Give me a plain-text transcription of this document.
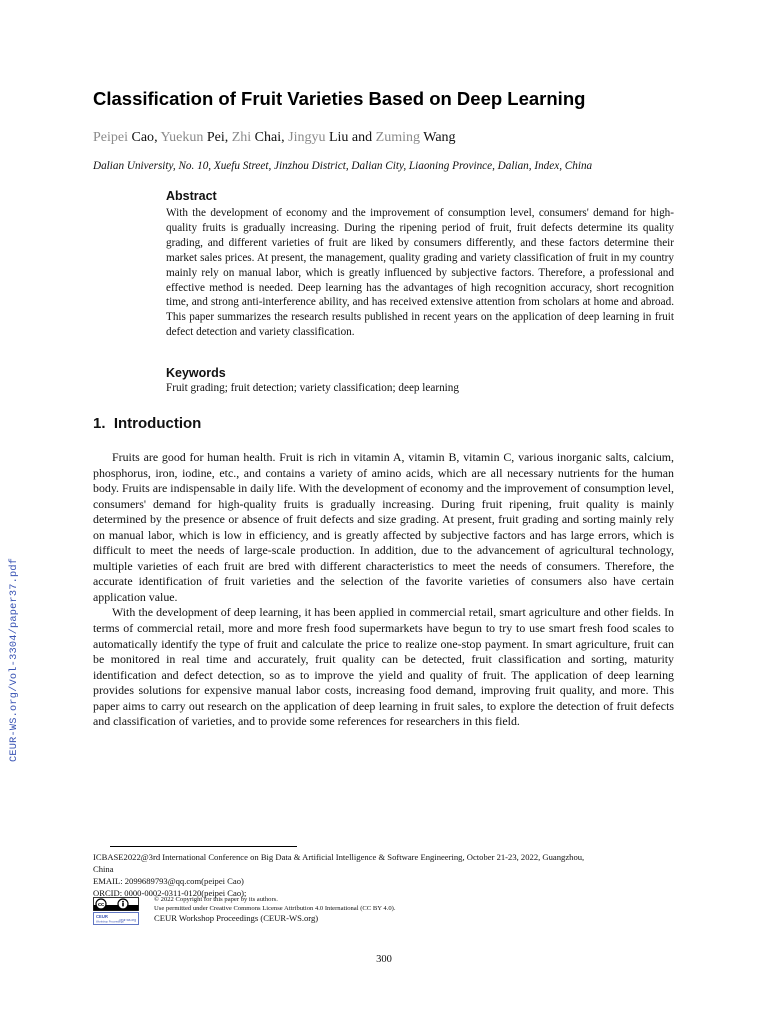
Classification of Fruit Varieties Based on Deep Learning
Peipei Cao, Yuekun Pei, Zhi Chai, Jingyu Liu and Zuming Wang
Dalian University, No. 10, Xuefu Street, Jinzhou District, Dalian City, Liaoning Province, Dalian, Index, China
Abstract
With the development of economy and the improvement of consumption level, consumers' demand for high-quality fruits is gradually increasing. During the ripening period of fruit, fruit defects determine its quality grading, and different varieties of fruit are liked by consumers differently, and these factors determine their market sales prices. At present, the management, quality grading and variety classification of fruit in my country mainly rely on manual labor, which is greatly influenced by subjective factors. Therefore, a professional and effective method is needed. Deep learning has the advantages of high recognition accuracy, short recognition time, and strong anti-interference ability, and has received extensive attention from scholars at home and abroad. This paper summarizes the research results published in recent years on the application of deep learning in fruit defect detection and variety classification.
Keywords
Fruit grading; fruit detection; variety classification; deep learning
1.  Introduction

Fruits are good for human health. Fruit is rich in vitamin A, vitamin B, vitamin C, various inorganic salts, calcium, phosphorus, iron, iodine, etc., and contains a variety of amino acids, which are all necessary nutrients for the human body. Fruits are indispensable in daily life. With the development of economy and the improvement of consumption level, consumers' demand for high-quality fruits is gradually increasing. During fruit ripening, fruit quality is mainly determined by the presence or absence of fruit defects and size grading. At present, fruit grading and sorting mainly rely on manual labor, which is low in efficiency, and is greatly affected by subjective factors and has large errors, which is difficult to meet the needs of large-scale production. In addition, due to the advancement of agricultural technology, multiple varieties of each fruit are bred with different characteristics to meet the needs of consumers. Therefore, the accurate identification of fruit varieties and the selection of the favorite varieties of consumers also have certain application value.

With the development of deep learning, it has been applied in commercial retail, smart agriculture and other fields. In terms of commercial retail, more and more fresh food supermarkets have begun to try to use smart fresh food scales to automatically identify the type of fruit and calculate the price to realize one-stop payment. In smart agriculture, fruit can be monitored in real time and accurately, fruit quality can be detected, fruit classification and sorting, maturity identification and defect detection, so as to improve the yield and quality of fruit. The application of deep learning provides solutions for expensive manual labor costs, increasing food demand, improving fruit quality, and more. This paper aims to carry out research on the application of deep learning in fruit sales, to explore the detection of fruit defects and classification of varieties, and to provide some references for researchers in this field.

ICBASE2022@3rd International Conference on Big Data & Artificial Intelligence & Software Engineering, October 21-23, 2022, Guangzhou, China
EMAIL: 2099689793@qq.com(peipei Cao)
ORCID: 0000-0002-0311-0120(peipei Cao);
cc
CEUR
Workshop Proceedings
ceur-ws.org
© 2022 Copyright for this paper by its authors.
Use permitted under Creative Commons License Attribution 4.0 International (CC BY 4.0).
CEUR Workshop Proceedings (CEUR-WS.org)
CEUR-WS.org/Vol-3304/paper37.pdf
300
